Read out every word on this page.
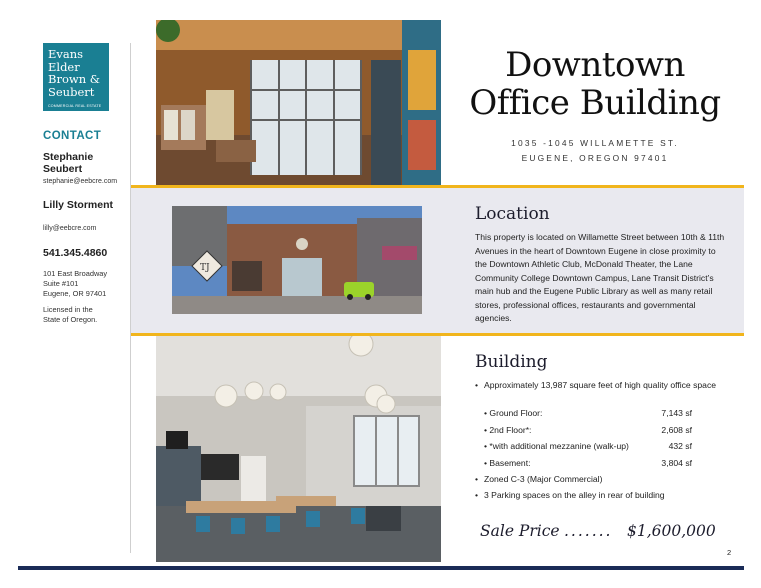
Evans
Elder
Brown &
Seubert
COMMERCIAL REAL ESTATE
CONTACT
Stephanie Seubert
stephanie@eebcre.com
Lilly Storment
lilly@eebcre.com
541.345.4860
101 East Broadway
Suite #101
Eugene, OR 97401
Licensed in the
State of Oregon.
Downtown
Office Building
1035 -1045 WILLAMETTE ST.
EUGENE, OREGON 97401
TJ
Location
This property is located on Willamette Street between 10th & 11th Avenues in the heart of Downtown Eugene in close proximity to the Downtown Athletic Club, McDonald Theater, the Lane Community College Downtown Campus, Lane Transit District’s main hub and the Eugene Public Library as well as many retail stores, professional offices, restaurants and governmental agencies.
Building
• Approximately 13,987 square feet of high quality office space
• Ground Floor:	7,143 sf
• 2nd Floor*:	2,608 sf
• *with additional mezzanine (walk-up)	432 sf
• Basement:	3,804 sf
• Zoned C-3 (Major Commercial)
• 3 Parking spaces on the alley in rear of building
Sale Price ....... $1,600,000
2
